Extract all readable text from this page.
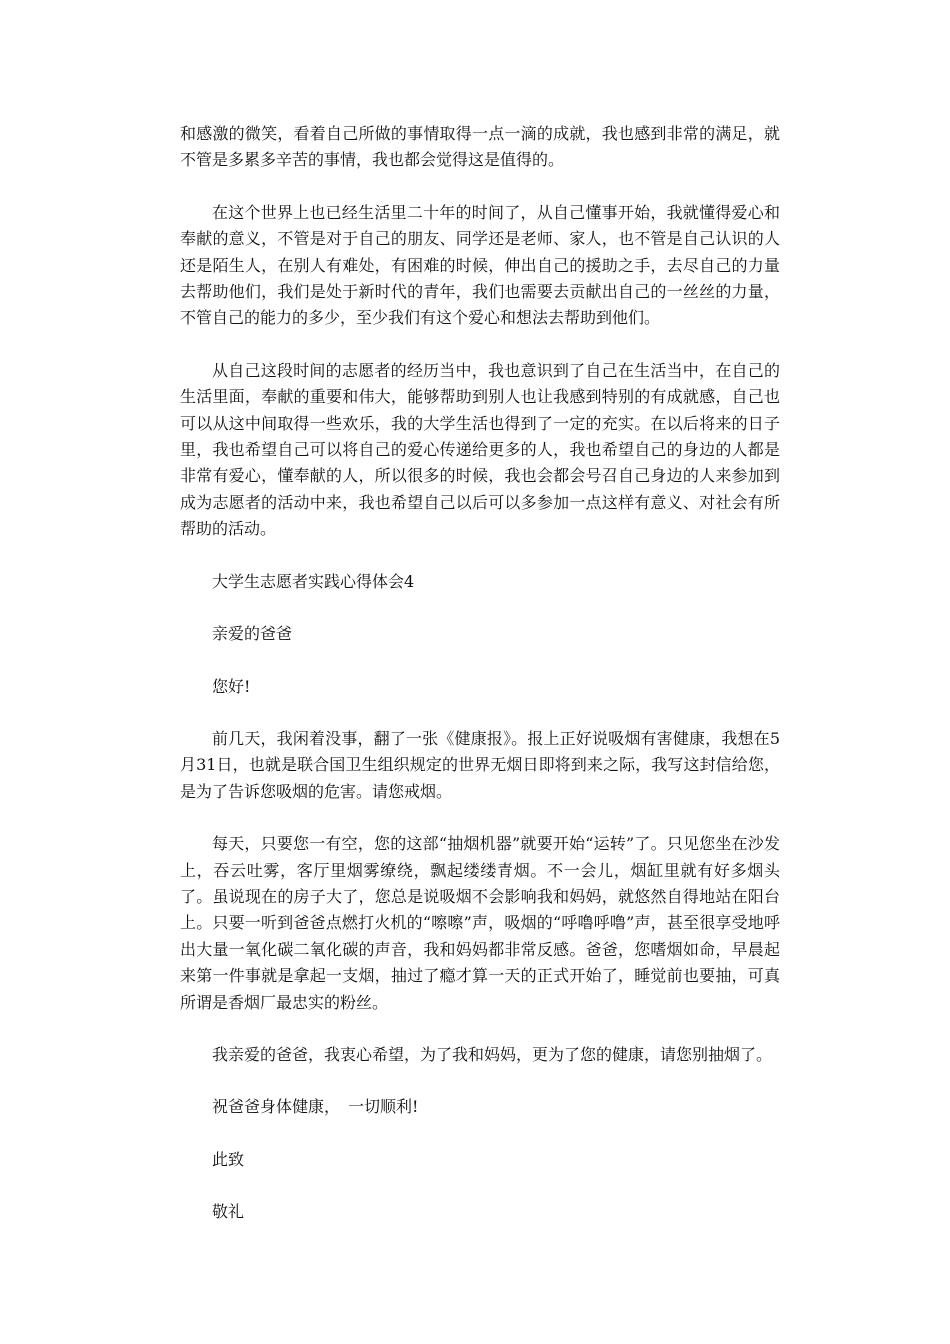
和感激的微笑，看着自己所做的事情取得一点一滴的成就，我也感到非常的满足，就不管是多累多辛苦的事情，我也都会觉得这是值得的。

在这个世界上也已经生活里二十年的时间了，从自己懂事开始，我就懂得爱心和奉献的意义，不管是对于自己的朋友、同学还是老师、家人，也不管是自己认识的人还是陌生人，在别人有难处，有困难的时候，伸出自己的援助之手，去尽自己的力量去帮助他们，我们是处于新时代的青年，我们也需要去贡献出自己的一丝丝的力量，不管自己的能力的多少，至少我们有这个爱心和想法去帮助到他们。

从自己这段时间的志愿者的经历当中，我也意识到了自己在生活当中，在自己的生活里面，奉献的重要和伟大，能够帮助到别人也让我感到特别的有成就感，自己也可以从这中间取得一些欢乐，我的大学生活也得到了一定的充实。在以后将来的日子里，我也希望自己可以将自己的爱心传递给更多的人，我也希望自己的身边的人都是非常有爱心，懂奉献的人，所以很多的时候，我也会都会号召自己身边的人来参加到成为志愿者的活动中来，我也希望自己以后可以多参加一点这样有意义、对社会有所帮助的活动。

大学生志愿者实践心得体会4

亲爱的爸爸

您好!

前几天，我闲着没事，翻了一张《健康报》。报上正好说吸烟有害健康，我想在5月31日，也就是联合国卫生组织规定的世界无烟日即将到来之际，我写这封信给您，是为了告诉您吸烟的危害。请您戒烟。

每天，只要您一有空，您的这部“抽烟机器”就要开始“运转”了。只见您坐在沙发上，吞云吐雾，客厅里烟雾缭绕，飘起缕缕青烟。不一会儿，烟缸里就有好多烟头了。虽说现在的房子大了，您总是说吸烟不会影响我和妈妈，就悠然自得地站在阳台上。只要一听到爸爸点燃打火机的“嚓嚓”声，吸烟的“呼噜呼噜”声，甚至很享受地呼出大量一氧化碳二氧化碳的声音，我和妈妈都非常反感。爸爸，您嗜烟如命，早晨起来第一件事就是拿起一支烟，抽过了瘾才算一天的正式开始了，睡觉前也要抽，可真所谓是香烟厂最忠实的粉丝。

我亲爱的爸爸，我衷心希望，为了我和妈妈，更为了您的健康，请您别抽烟了。

祝爸爸身体健康，　一切顺利!

此致

敬礼
